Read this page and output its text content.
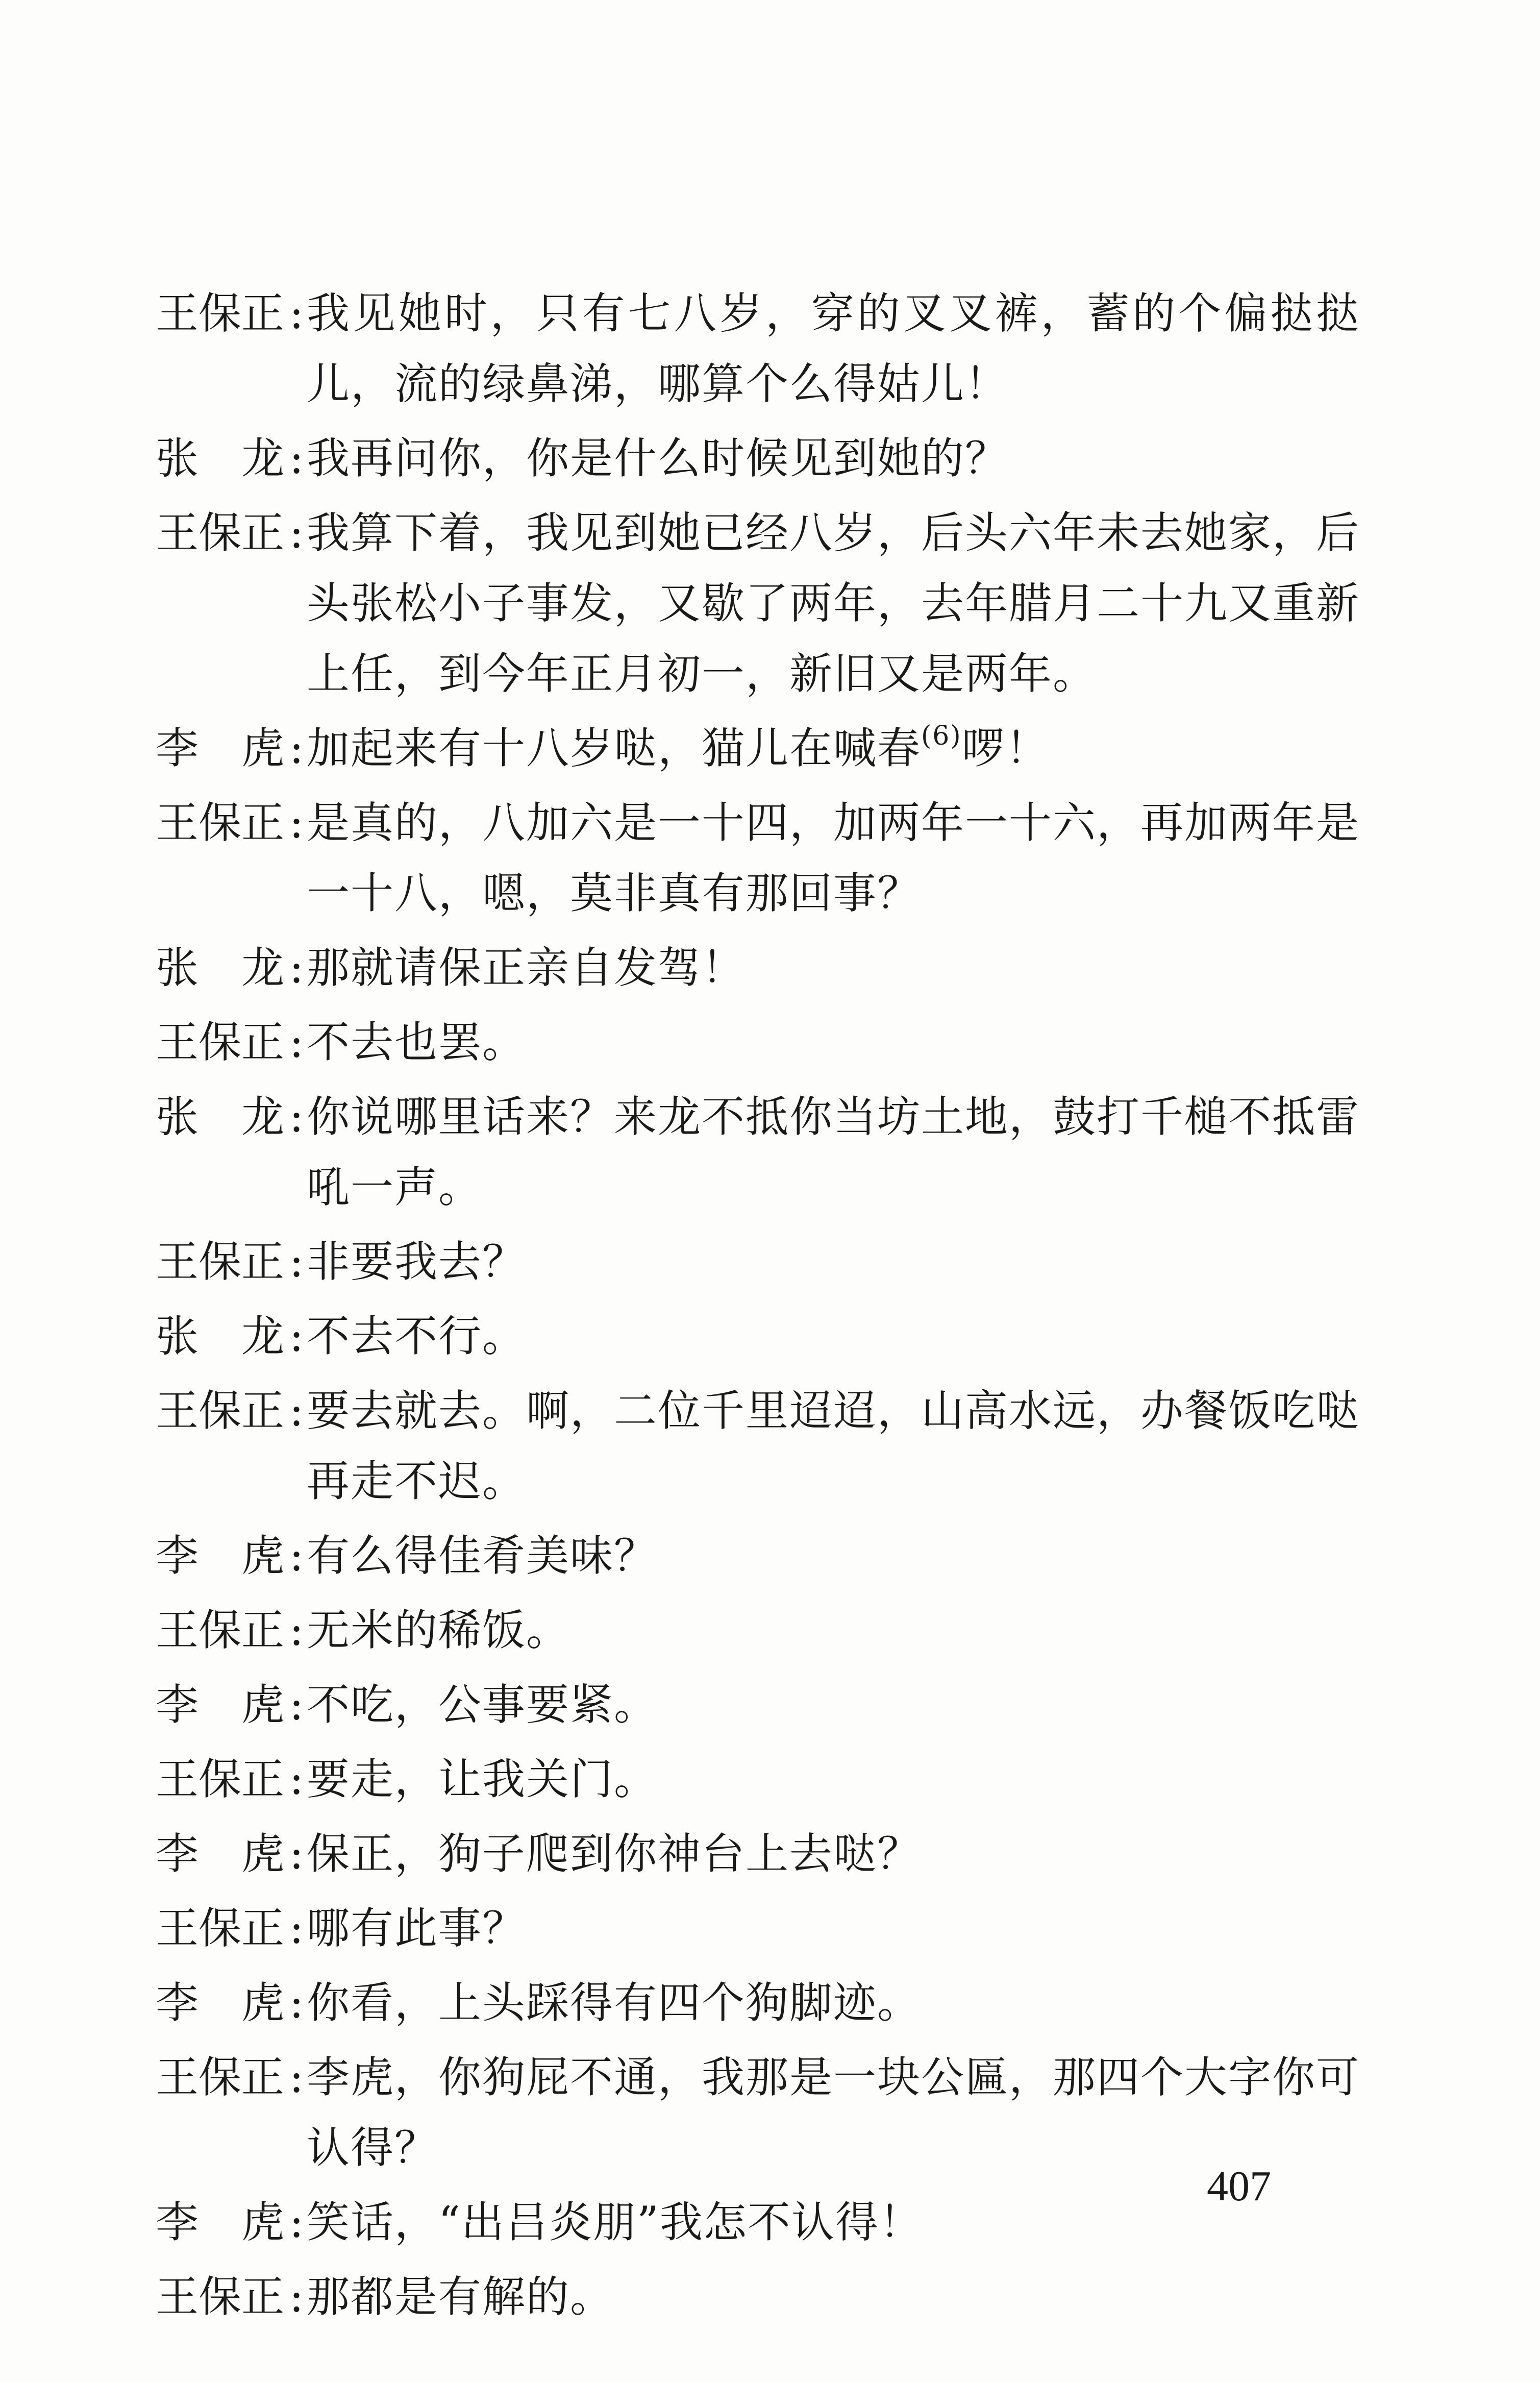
王保正 : 我见她时，只有七八岁，穿的叉叉裤，蓄的个偏挞挞儿，流的绿鼻涕，哪算个么得姑儿！
张　龙 : 我再问你，你是什么时候见到她的？
王保正 : 我算下着，我见到她已经八岁，后头六年未去她家，后头张松小子事发，又歇了两年，去年腊月二十九又重新上任，到今年正月初一，新旧又是两年。
李　虎 : 加起来有十八岁哒，猫儿在喊春$^{(6)}$啰！
王保正 : 是真的，八加六是一十四，加两年一十六，再加两年是一十八，嗯，莫非真有那回事？
张　龙 : 那就请保正亲自发驾！
王保正 : 不去也罢。
张　龙 : 你说哪里话来？来龙不抵你当坊土地，鼓打千槌不抵雷吼一声。
王保正 : 非要我去？
张　龙 : 不去不行。
王保正 : 要去就去。啊，二位千里迢迢，山高水远，办餐饭吃哒再走不迟。
李　虎 : 有么得佳肴美味？
王保正 : 无米的稀饭。
李　虎 : 不吃，公事要紧。
王保正 : 要走，让我关门。
李　虎 : 保正，狗子爬到你神台上去哒？
王保正 : 哪有此事？
李　虎 : 你看，上头踩得有四个狗脚迹。
王保正 : 李虎，你狗屁不通，我那是一块公匾，那四个大字你可认得？
李　虎 : 笑话，“出吕炎朋”我怎不认得！
王保正 : 那都是有解的。
407
